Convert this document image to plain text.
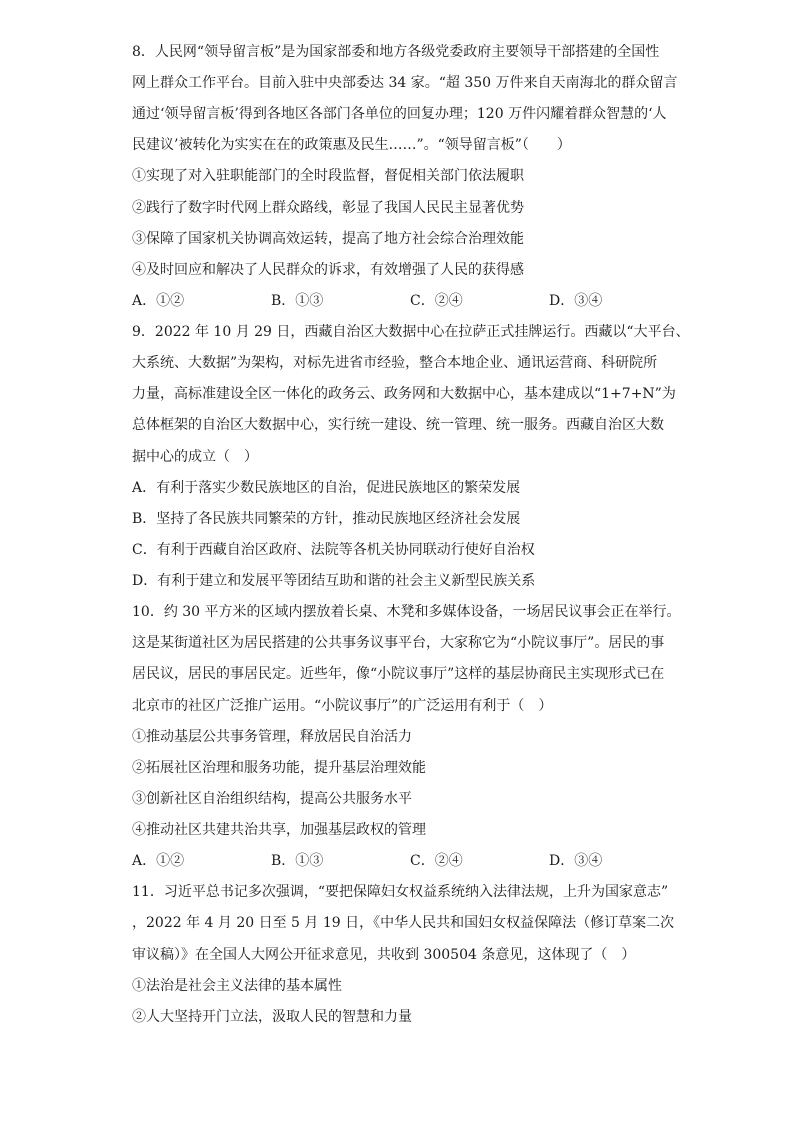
8．人民网“领导留言板”是为国家部委和地方各级党委政府主要领导干部搭建的全国性
网上群众工作平台。目前入驻中央部委达 34 家。“超 350 万件来自天南海北的群众留言
通过‘领导留言板’得到各地区各部门各单位的回复办理；120 万件闪耀着群众智慧的‘人
民建议’被转化为实实在在的政策惠及民生……”。“领导留言板”（　　）
①实现了对入驻职能部门的全时段监督，督促相关部门依法履职
②践行了数字时代网上群众路线，彰显了我国人民民主显著优势
③保障了国家机关协调高效运转，提高了地方社会综合治理效能
④及时回应和解决了人民群众的诉求，有效增强了人民的获得感
A．①②	B．①③	C．②④	D．③④
9．2022 年 10 月 29 日，西藏自治区大数据中心在拉萨正式挂牌运行。西藏以“大平台、
大系统、大数据”为架构，对标先进省市经验，整合本地企业、通讯运营商、科研院所
力量，高标准建设全区一体化的政务云、政务网和大数据中心，基本建成以“1+7+N”为
总体框架的自治区大数据中心，实行统一建设、统一管理、统一服务。西藏自治区大数
据中心的成立（　）
A．有利于落实少数民族地区的自治，促进民族地区的繁荣发展
B．坚持了各民族共同繁荣的方针，推动民族地区经济社会发展
C．有利于西藏自治区政府、法院等各机关协同联动行使好自治权
D．有利于建立和发展平等团结互助和谐的社会主义新型民族关系
10．约 30 平方米的区域内摆放着长桌、木凳和多媒体设备，一场居民议事会正在举行。
这是某街道社区为居民搭建的公共事务议事平台，大家称它为“小院议事厅”。居民的事
居民议，居民的事居民定。近些年，像“小院议事厅”这样的基层协商民主实现形式已在
北京市的社区广泛推广运用。“小院议事厅”的广泛运用有利于（　）
①推动基层公共事务管理，释放居民自治活力
②拓展社区治理和服务功能，提升基层治理效能
③创新社区自治组织结构，提高公共服务水平
④推动社区共建共治共享，加强基层政权的管理
A．①②	B．①③	C．②④	D．③④
11．习近平总书记多次强调，“要把保障妇女权益系统纳入法律法规，上升为国家意志”
，2022 年 4 月 20 日至 5 月 19 日，《中华人民共和国妇女权益保障法（修订草案二次
审议稿）》在全国人大网公开征求意见，共收到 300504 条意见，这体现了（　）
①法治是社会主义法律的基本属性
②人大坚持开门立法，汲取人民的智慧和力量
